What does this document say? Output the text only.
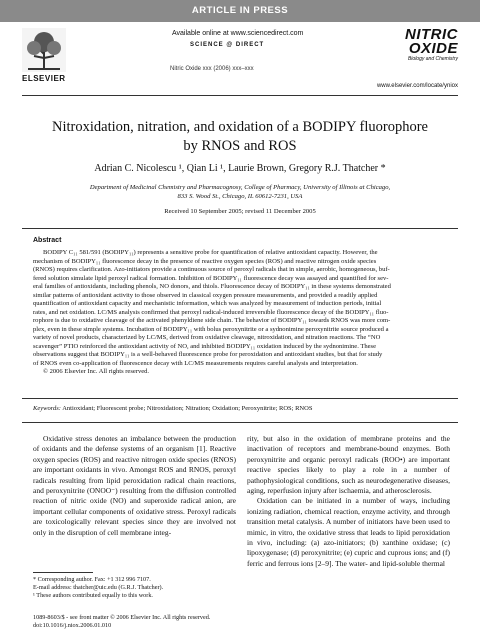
ARTICLE IN PRESS
ELSEVIER
Available online at www.sciencedirect.com
SCIENCE @ DIRECT
Nitric Oxide xxx (2006) xxx–xxx
NITRIC
OXIDE
Biology and Chemistry
www.elsevier.com/locate/yniox
Nitroxidation, nitration, and oxidation of a BODIPY fluorophore
by RNOS and ROS
Adrian C. Nicolescu ¹, Qian Li ¹, Laurie Brown, Gregory R.J. Thatcher *
Department of Medicinal Chemistry and Pharmacognosy, College of Pharmacy, University of Illinois at Chicago,
833 S. Wood St., Chicago, IL 60612-7231, USA
Received 10 September 2005; revised 11 December 2005
Abstract
BODIPY C₁₁ 581/591 (BODIPY₁₁) represents a sensitive probe for quantification of relative antioxidant capacity. However, the
mechanism of BODIPY₁₁ fluorescence decay in the presence of reactive oxygen species (ROS) and reactive nitrogen oxide species
(RNOS) requires clarification. Azo-initiators provide a continuous source of peroxyl radicals that in simple, aerobic, homogeneous, buf-
fered solution simulate lipid peroxyl radical formation. Inhibition of BODIPY₁₁ fluorescence decay was assayed and quantified for sev-
eral families of antioxidants, including phenols, NO donors, and thiols. Fluorescence decay of BODIPY₁₁ in these systems demonstrated
similar patterns of antioxidant activity to those observed in classical oxygen pressure measurements, and provided a readily applied
quantification of antioxidant capacity and mechanistic information, which was analyzed by measurement of induction periods, initial
rates, and net oxidation. LC/MS analysis confirmed that peroxyl radical-induced irreversible fluorescence decay of the BODIPY₁₁ fluo-
rophore is due to oxidative cleavage of the activated phenyldiene side chain. The behavior of BODIPY₁₁ towards RNOS was more com-
plex, even in these simple systems. Incubation of BODIPY₁₁ with bolus peroxynitrite or a sydnonimine peroxynitrite source produced a
variety of novel products, characterized by LC/MS, derived from oxidative cleavage, nitroxidation, and nitration reactions. The “NO
scavenger” PTIO reinforced the antioxidant activity of NO, and inhibited BODIPY₁₁ oxidation induced by the sydnonimine. These
observations suggest that BODIPY₁₁ is a well-behaved fluorescence probe for peroxidation and antioxidant studies, but that for study
of RNOS even co-application of fluorescence decay with LC/MS measurements requires careful analysis and interpretation.
© 2006 Elsevier Inc. All rights reserved.
Keywords: Antioxidant; Fluorescent probe; Nitroxidation; Nitration; Oxidation; Peroxynitrite; ROS; RNOS

Oxidative stress denotes an imbalance between the production of oxidants and the defense systems of an organism [1]. Reactive oxygen species (ROS) and reactive nitrogen oxide species (RNOS) are important oxidants in vivo. Amongst ROS and RNOS, peroxyl radicals resulting from lipid peroxidation radical chain reactions, and peroxynitrite (ONOO⁻) resulting from the diffusion controlled reaction of nitric oxide (NO) and superoxide radical anion, are important cellular components of oxidative stress. Peroxyl radicals are toxicologically relevant species since they are involved not only in the disruption of cell membrane integ-

rity, but also in the oxidation of membrane proteins and the inactivation of receptors and membrane-bound enzymes. Both peroxynitrite and organic peroxyl radicals (ROO•) are important reactive species likely to play a role in a number of pathophysiological conditions, such as neurodegenerative diseases, aging, reperfusion injury after ischaemia, and atherosclerosis.
Oxidation can be initiated in a number of ways, including ionizing radiation, chemical reaction, enzyme activity, and through transition metal catalysis. A number of initiators have been used to mimic, in vitro, the oxidative stress that leads to lipid peroxidation in vivo, including: (a) azo-initiators; (b) xanthine oxidase; (c) lipoxygenase; (d) peroxynitrite; (e) cupric and cuprous ions; and (f) ferric and ferrous ions [2–9]. The water- and lipid-soluble thermal
* Corresponding author. Fax: +1 312 996 7107.
E-mail address: thatcher@uic.edu (G.R.J. Thatcher).
¹ These authors contributed equally to this work.
1089-8603/$ - see front matter © 2006 Elsevier Inc. All rights reserved.
doi:10.1016/j.niox.2006.01.010
